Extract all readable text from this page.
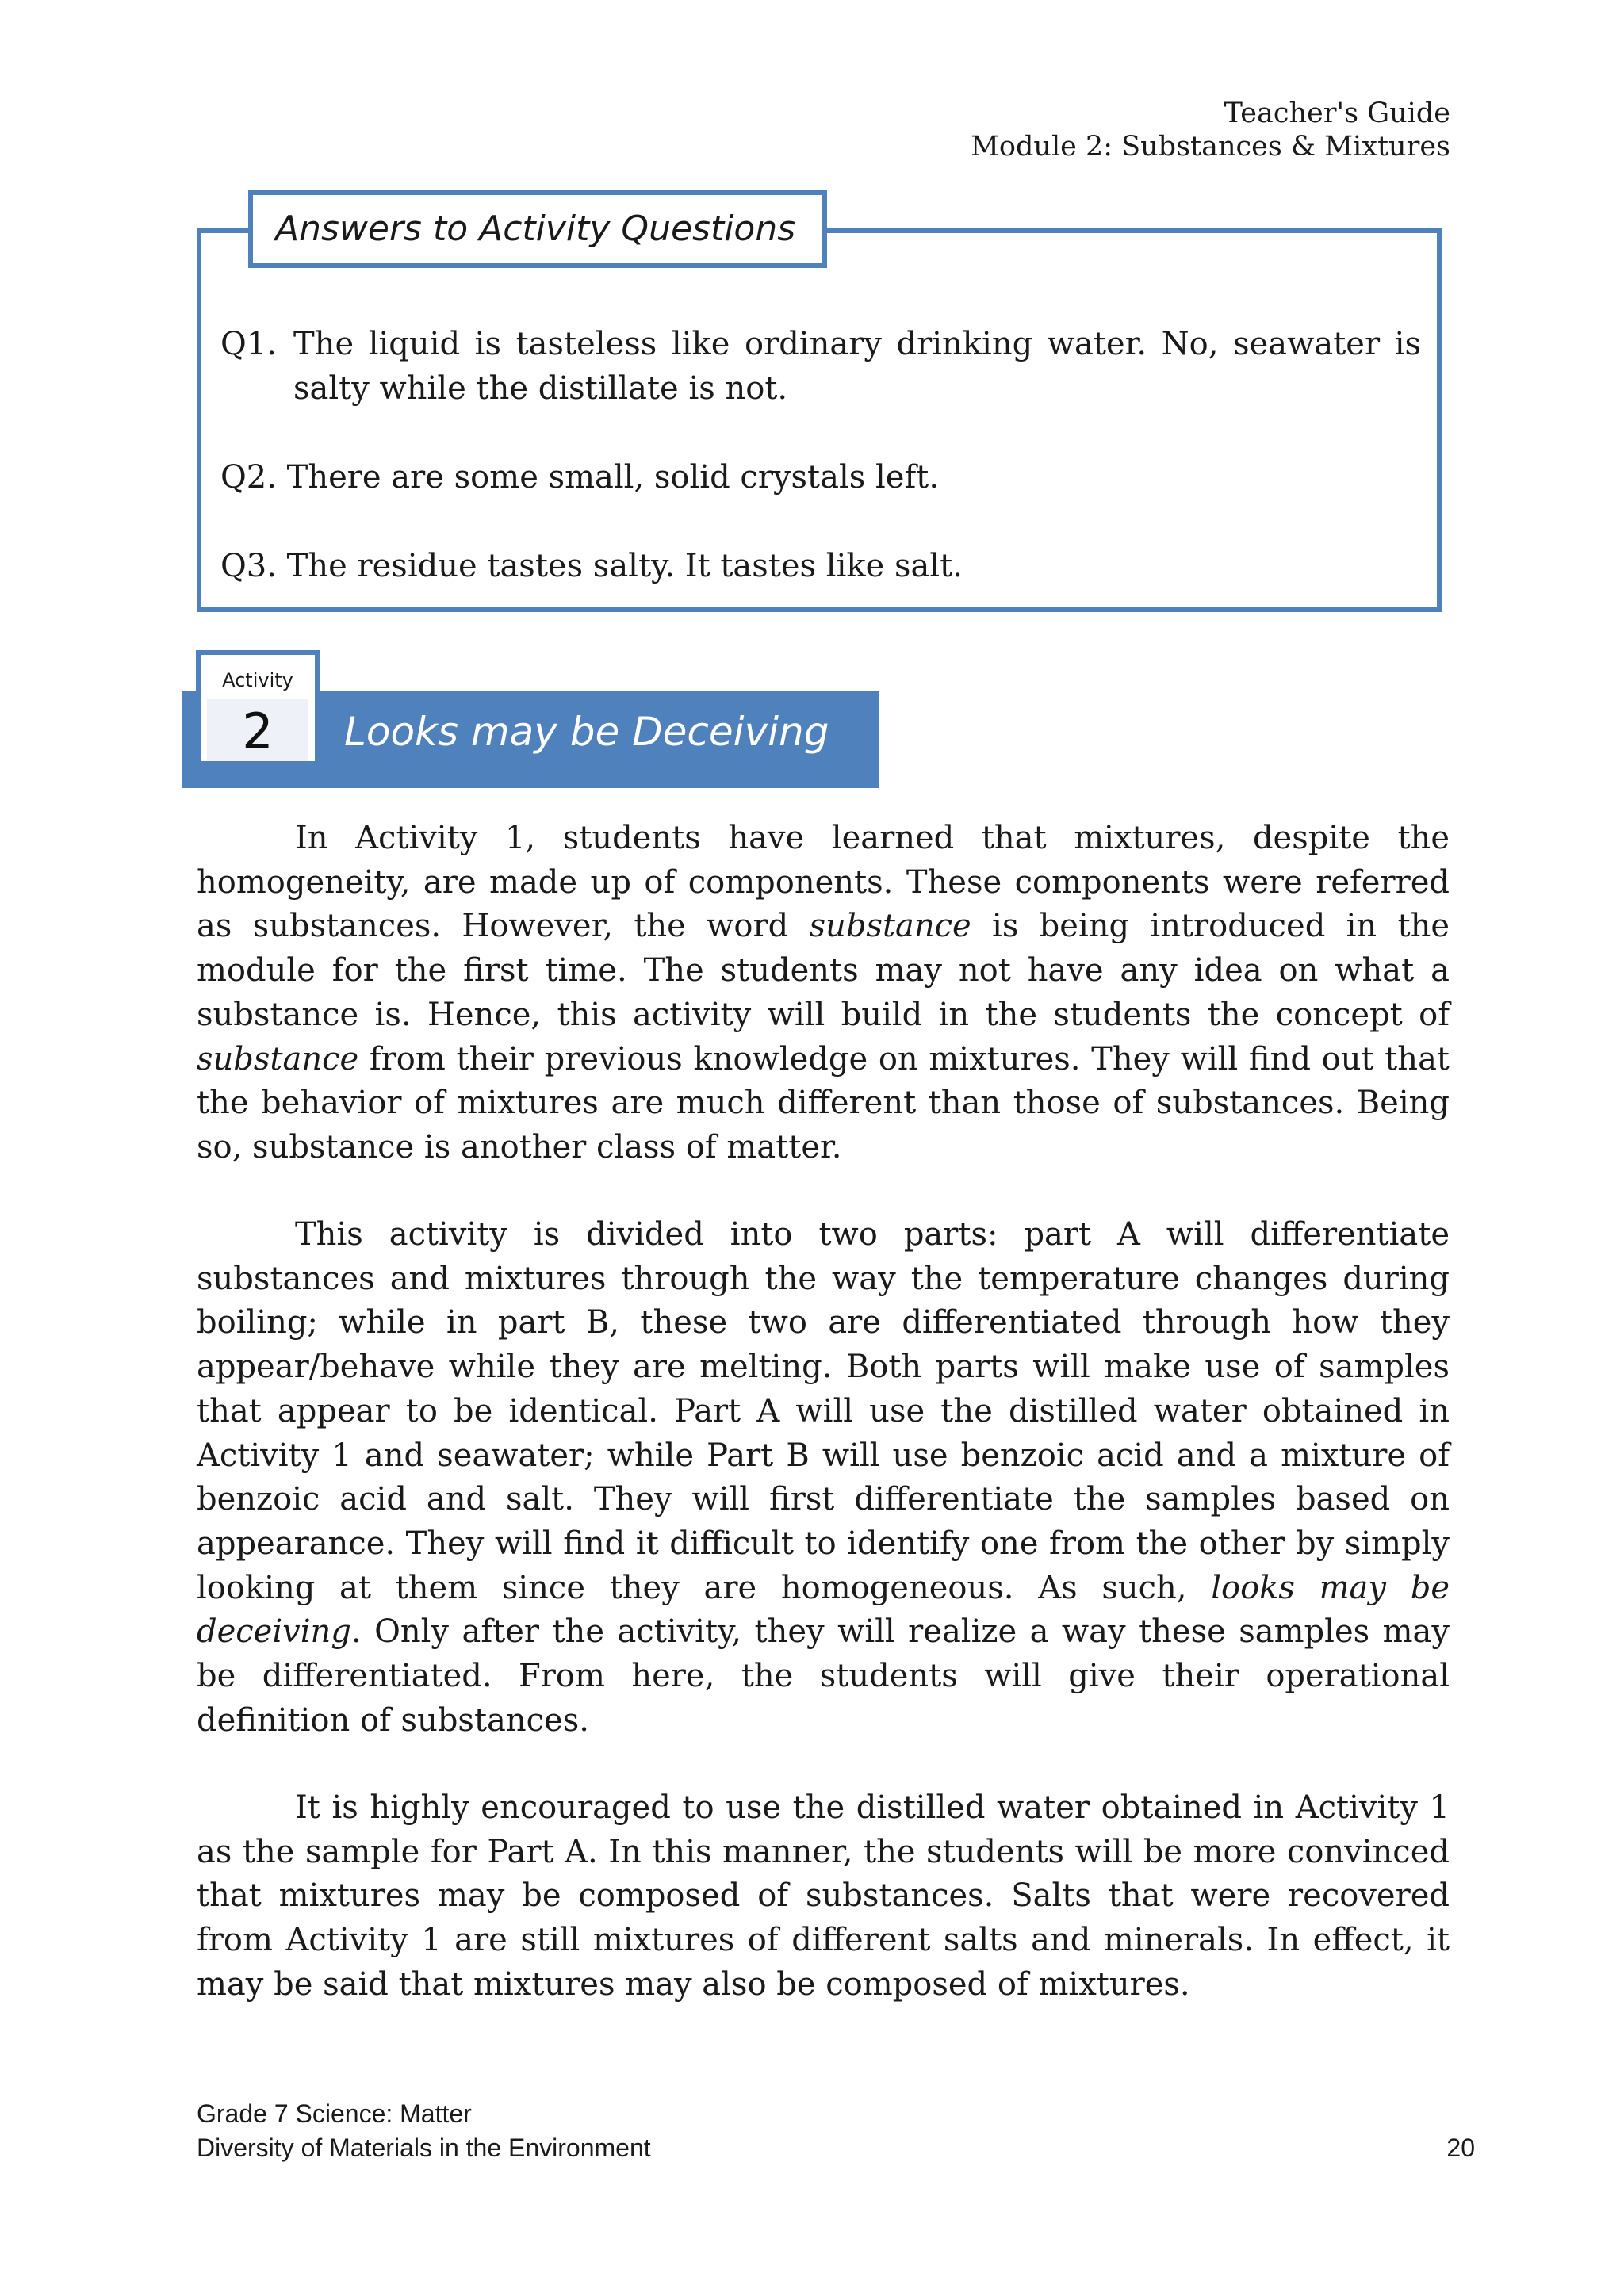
Teacher's Guide
Module 2: Substances & Mixtures
Answers to Activity Questions
Q1. The liquid is tasteless like ordinary drinking water. No, seawater is
salty while the distillate is not.
Q2. There are some small, solid crystals left.
Q3. The residue tastes salty. It tastes like salt.
Activity
2	Looks may be Deceiving

In Activity 1, students have learned that mixtures, despite the homogeneity, are made up of components. These components were referred as substances. However, the word substance is being introduced in the module for the first time. The students may not have any idea on what a substance is. Hence, this activity will build in the students the concept of substance from their previous knowledge on mixtures. They will find out that the behavior of mixtures are much different than those of substances. Being so, substance is another class of matter.

This activity is divided into two parts: part A will differentiate substances and mixtures through the way the temperature changes during boiling; while in part B, these two are differentiated through how they appear/behave while they are melting. Both parts will make use of samples that appear to be identical. Part A will use the distilled water obtained in Activity 1 and seawater; while Part B will use benzoic acid and a mixture of benzoic acid and salt. They will first differentiate the samples based on appearance. They will find it difficult to identify one from the other by simply looking at them since they are homogeneous. As such, looks may be deceiving. Only after the activity, they will realize a way these samples may be differentiated. From here, the students will give their operational definition of substances.

It is highly encouraged to use the distilled water obtained in Activity 1 as the sample for Part A. In this manner, the students will be more convinced that mixtures may be composed of substances. Salts that were recovered from Activity 1 are still mixtures of different salts and minerals. In effect, it may be said that mixtures may also be composed of mixtures.

Grade 7 Science: Matter
Diversity of Materials in the Environment	20
